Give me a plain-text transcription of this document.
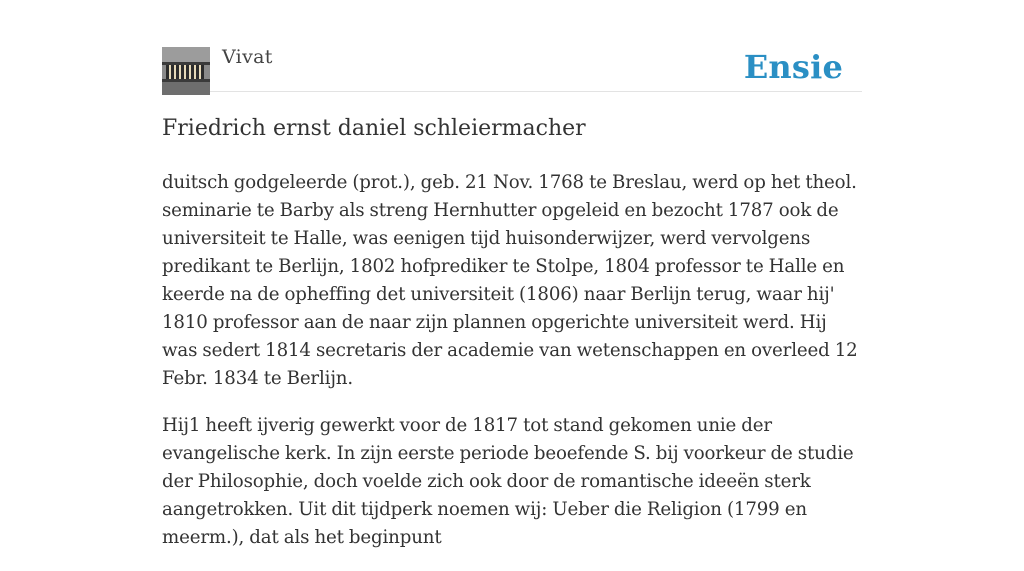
Vivat	Ensie
Friedrich ernst daniel schleiermacher

duitsch godgeleerde (prot.), geb. 21 Nov. 1768 te Breslau, werd op het theol. seminarie te Barby als streng Hernhutter opgeleid en bezocht 1787 ook de universiteit te Halle, was eenigen tijd huisonderwijzer, werd vervolgens predikant te Berlijn, 1802 hofprediker te Stolpe, 1804 professor te Halle en keerde na de opheffing det universiteit (1806) naar Berlijn terug, waar hij' 1810 professor aan de naar zijn plannen opgerichte universiteit werd. Hij was sedert 1814 secretaris der academie van wetenschappen en overleed 12 Febr. 1834 te Berlijn.

Hij1 heeft ijverig gewerkt voor de 1817 tot stand gekomen unie der evangelische kerk. In zijn eerste periode beoefende S. bij voorkeur de studie der Philosophie, doch voelde zich ook door de romantische ideeën sterk aangetrokken. Uit dit tijdperk noemen wij: Ueber die Religion (1799 en meerm.), dat als het beginpunt
